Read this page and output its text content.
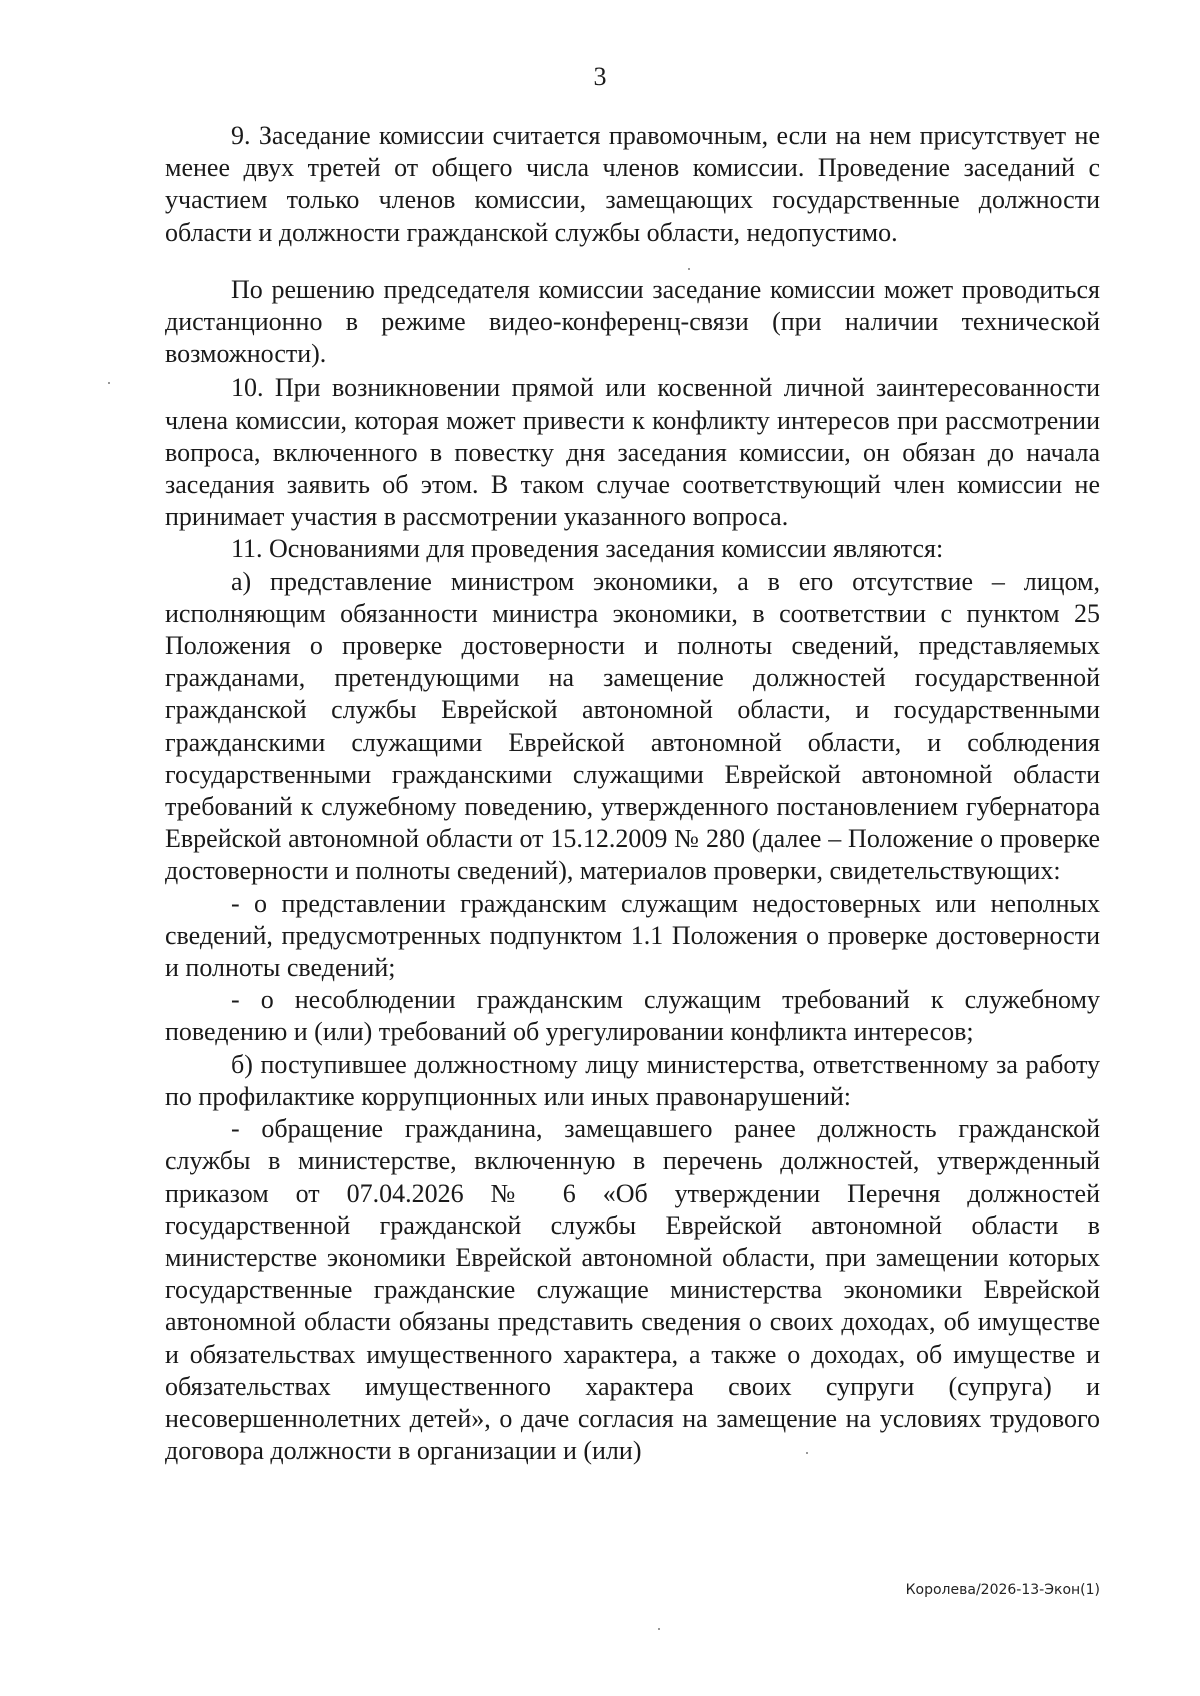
3

9. Заседание комиссии считается правомочным, если на нем присутствует не менее двух третей от общего числа членов комиссии. Проведение заседаний с участием только членов комиссии, замещающих государственные должности области и должности гражданской службы области, недопустимо.

По решению председателя комиссии заседание комиссии может проводиться дистанционно в режиме видео-конференц-связи (при наличии технической возможности).

10. При возникновении прямой или косвенной личной заинтересованности члена комиссии, которая может привести к конфликту интересов при рассмотрении вопроса, включенного в повестку дня заседания комиссии, он обязан до начала заседания заявить об этом. В таком случае соответствующий член комиссии не принимает участия в рассмотрении указанного вопроса.

11. Основаниями для проведения заседания комиссии являются:

а) представление министром экономики, а в его отсутствие – лицом, исполняющим обязанности министра экономики, в соответствии с пунктом 25 Положения о проверке достоверности и полноты сведений, представляемых гражданами, претендующими на замещение должностей государственной гражданской службы Еврейской автономной области, и государственными гражданскими служащими Еврейской автономной области, и соблюдения государственными гражданскими служащими Еврейской автономной области требований к служебному поведению, утвержденного постановлением губернатора Еврейской автономной области от 15.12.2009 № 280 (далее – Положение о проверке достоверности и полноты сведений), материалов проверки, свидетельствующих:

- о представлении гражданским служащим недостоверных или неполных сведений, предусмотренных подпунктом 1.1 Положения о проверке достоверности и полноты сведений;

- о несоблюдении гражданским служащим требований к служебному поведению и (или) требований об урегулировании конфликта интересов;

б) поступившее должностному лицу министерства, ответственному за работу по профилактике коррупционных или иных правонарушений:

- обращение гражданина, замещавшего ранее должность гражданской службы в министерстве, включенную в перечень должностей, утвержденный приказом от 07.04.2026 № 6 «Об утверждении Перечня должностей государственной гражданской службы Еврейской автономной области в министерстве экономики Еврейской автономной области, при замещении которых государственные гражданские служащие министерства экономики Еврейской автономной области обязаны представить сведения о своих доходах, об имуществе и обязательствах имущественного характера, а также о доходах, об имуществе и обязательствах имущественного характера своих супруги (супруга) и несовершеннолетних детей», о даче согласия на замещение на условиях трудового договора должности в организации и (или)

Королева/2026-13-Экон(1)
